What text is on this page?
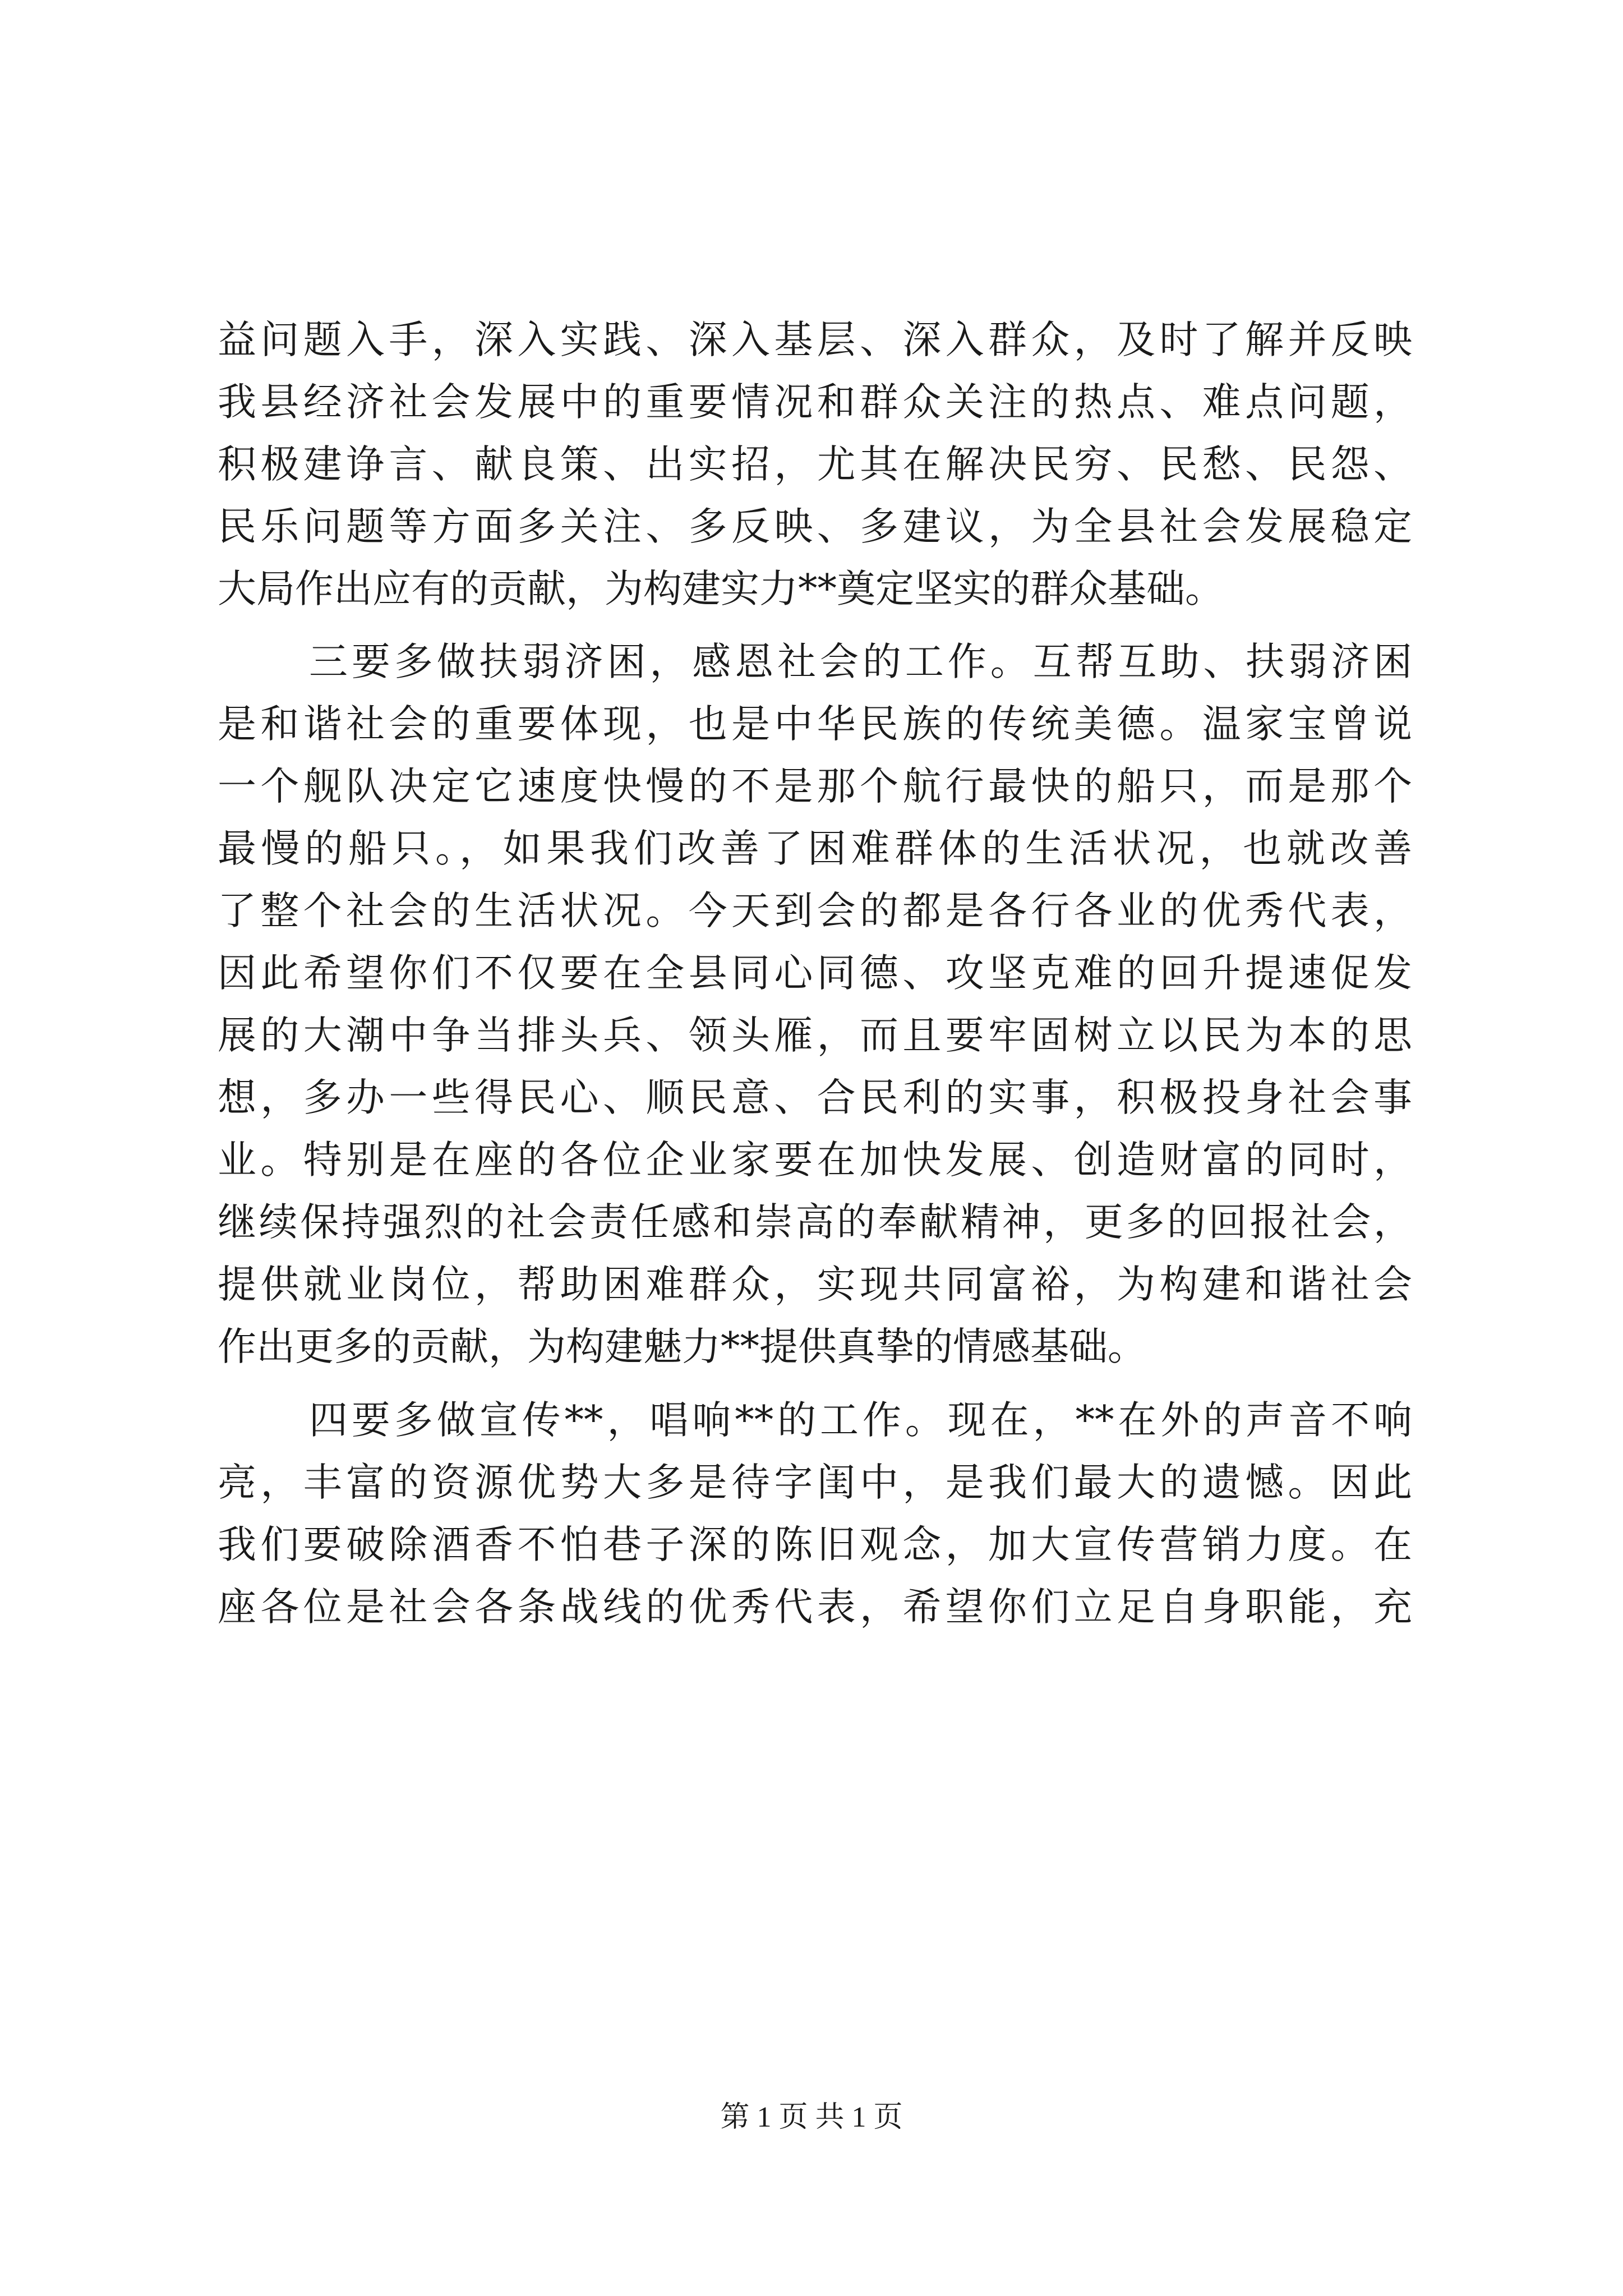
益问题入手，深入实践、深入基层、深入群众，及时了解并反映
我县经济社会发展中的重要情况和群众关注的热点、难点问题，
积极建诤言、献良策、出实招，尤其在解决民穷、民愁、民怨、
民乐问题等方面多关注、多反映、多建议，为全县社会发展稳定
大局作出应有的贡献，为构建实力**奠定坚实的群众基础。
三要多做扶弱济困，感恩社会的工作。互帮互助、扶弱济困
是和谐社会的重要体现，也是中华民族的传统美德。温家宝曾说
一个舰队决定它速度快慢的不是那个航行最快的船只，而是那个
最慢的船只。，如果我们改善了困难群体的生活状况，也就改善
了整个社会的生活状况。今天到会的都是各行各业的优秀代表，
因此希望你们不仅要在全县同心同德、攻坚克难的回升提速促发
展的大潮中争当排头兵、领头雁，而且要牢固树立以民为本的思
想，多办一些得民心、顺民意、合民利的实事，积极投身社会事
业。特别是在座的各位企业家要在加快发展、创造财富的同时，
继续保持强烈的社会责任感和崇高的奉献精神，更多的回报社会，
提供就业岗位，帮助困难群众，实现共同富裕，为构建和谐社会
作出更多的贡献，为构建魅力**提供真挚的情感基础。
四要多做宣传**，唱响**的工作。现在，**在外的声音不响
亮，丰富的资源优势大多是待字闺中，是我们最大的遗憾。因此
我们要破除酒香不怕巷子深的陈旧观念，加大宣传营销力度。在
座各位是社会各条战线的优秀代表，希望你们立足自身职能，充
第 1 页 共 1 页
